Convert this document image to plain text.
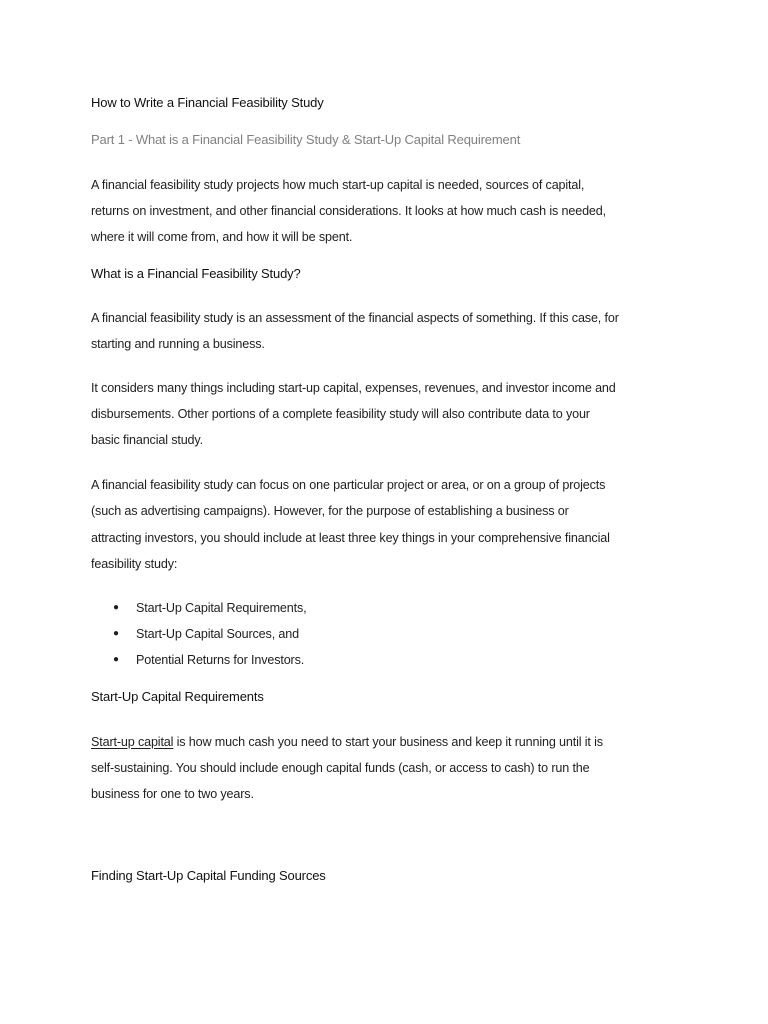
How to Write a Financial Feasibility Study
Part 1 - What is a Financial Feasibility Study & Start-Up Capital Requirement
A financial feasibility study projects how much start-up capital is needed, sources of capital,
returns on investment, and other financial considerations. It looks at how much cash is needed,
where it will come from, and how it will be spent.
What is a Financial Feasibility Study?
A financial feasibility study is an assessment of the financial aspects of something. If this case, for
starting and running a business.
It considers many things including start-up capital, expenses, revenues, and investor income and
disbursements. Other portions of a complete feasibility study will also contribute data to your
basic financial study.
A financial feasibility study can focus on one particular project or area, or on a group of projects
(such as advertising campaigns). However, for the purpose of establishing a business or
attracting investors, you should include at least three key things in your comprehensive financial
feasibility study:
● Start-Up Capital Requirements,
● Start-Up Capital Sources, and
● Potential Returns for Investors.
Start-Up Capital Requirements
Start-up capital is how much cash you need to start your business and keep it running until it is
self-sustaining. You should include enough capital funds (cash, or access to cash) to run the
business for one to two years.
Finding Start-Up Capital Funding Sources
